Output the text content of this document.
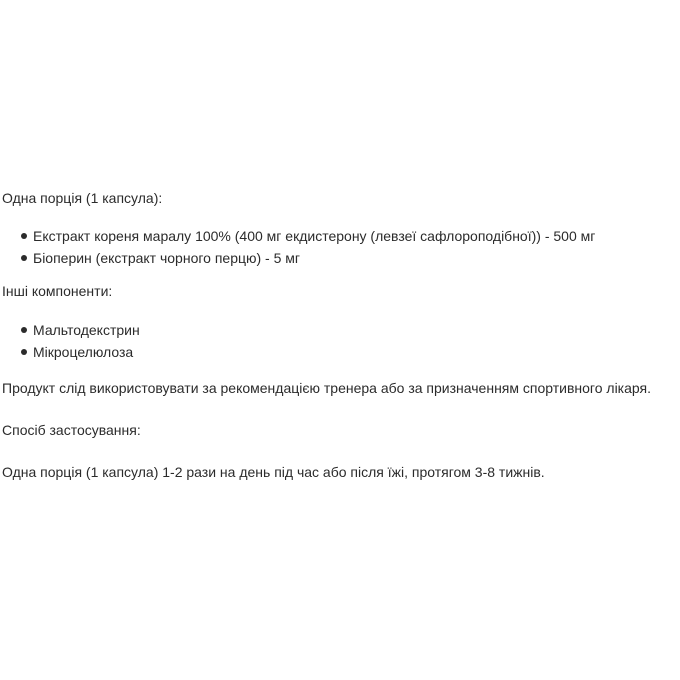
Одна порція (1 капсула):

Екстракт кореня маралу 100% (400 мг екдистерону (левзеї сафлороподібної)) - 500 мг
Біоперин (екстракт чорного перцю) - 5 мг

Інші компоненти:

Мальтодекстрин
Мікроцелюлоза

Продукт слід використовувати за рекомендацією тренера або за призначенням спортивного лікаря.

Спосіб застосування:

Одна порція (1 капсула) 1-2 рази на день під час або після їжі, протягом 3-8 тижнів.
